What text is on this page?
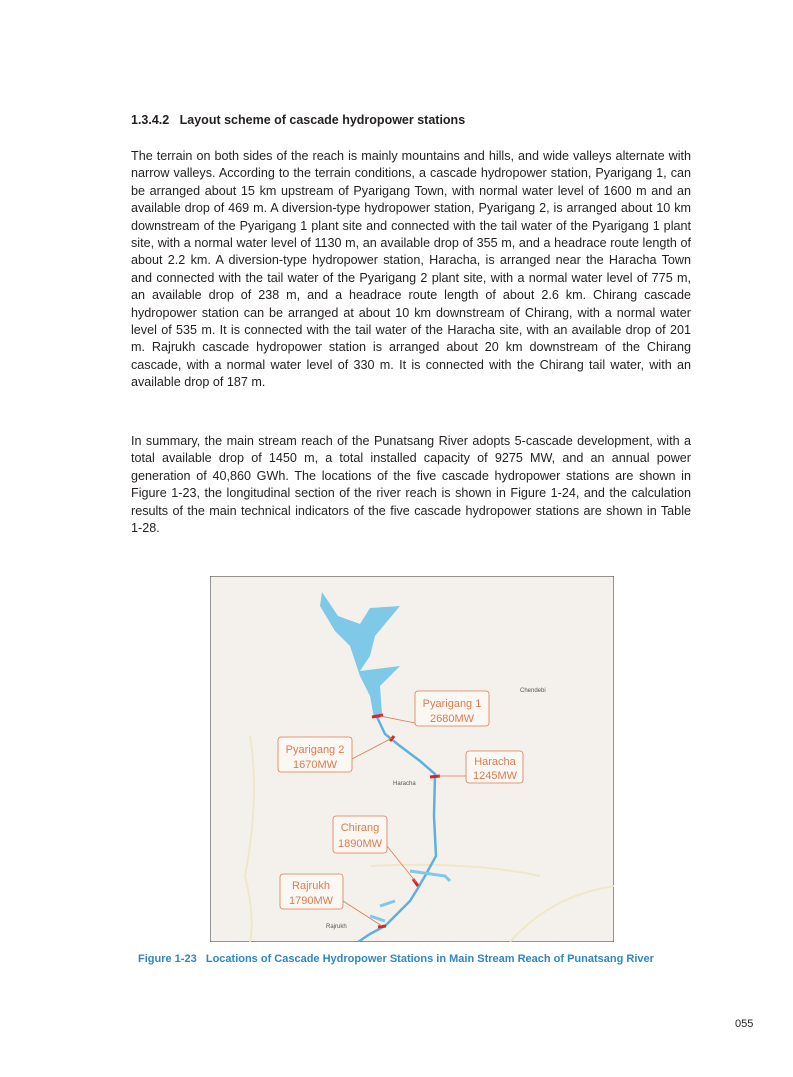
1.3.4.2   Layout scheme of cascade hydropower stations

The terrain on both sides of the reach is mainly mountains and hills, and wide valleys alternate with narrow valleys. According to the terrain conditions, a cascade hydropower station, Pyarigang 1, can be arranged about 15 km upstream of Pyarigang Town, with normal water level of 1600 m and an available drop of 469 m. A diversion-type hydropower station, Pyarigang 2, is arranged about 10 km downstream of the Pyarigang 1 plant site and connected with the tail water of the Pyarigang 1 plant site, with a normal water level of 1130 m, an available drop of 355 m, and a headrace route length of about 2.2 km. A diversion-type hydropower station, Haracha, is arranged near the Haracha Town and connected with the tail water of the Pyarigang 2 plant site, with a normal water level of 775 m, an available drop of 238 m, and a headrace route length of about 2.6 km. Chirang cascade hydropower station can be arranged at about 10 km downstream of Chirang, with a normal water level of 535 m. It is connected with the tail water of the Haracha site, with an available drop of 201 m. Rajrukh cascade hydropower station is arranged about 20 km downstream of the Chirang cascade, with a normal water level of 330 m. It is connected with the Chirang tail water, with an available drop of 187 m.

In summary, the main stream reach of the Punatsang River adopts 5-cascade development, with a total available drop of 1450 m, a total installed capacity of 9275 MW, and an annual power generation of 40,860 GWh. The locations of the five cascade hydropower stations are shown in Figure 1-23, the longitudinal section of the river reach is shown in Figure 1-24, and the calculation results of the main technical indicators of the five cascade hydropower stations are shown in Table 1-28.

Pyarigang 1
2680MW
Pyarigang 2
1670MW	Haracha
1245MW
Chirang
1890MW
Rajrukh
1790MW
Chendebi
Haracha
Rajrukh
Figure 1-23   Locations of Cascade Hydropower Stations in Main Stream Reach of Punatsang River
055
